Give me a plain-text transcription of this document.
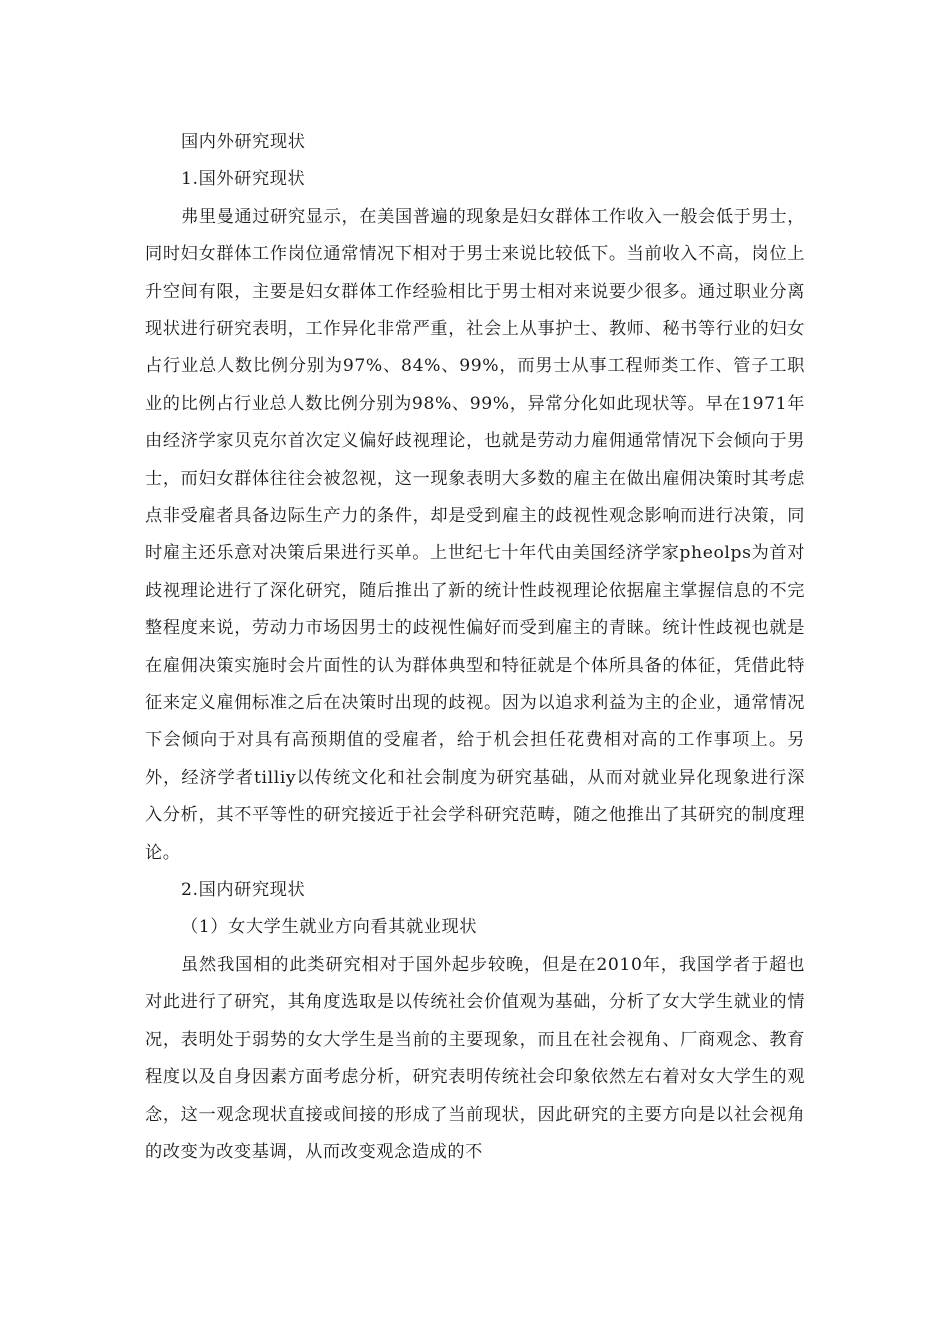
国内外研究现状
1.国外研究现状
弗里曼通过研究显示，在美国普遍的现象是妇女群体工作收入一般会低于男士，同时妇女群体工作岗位通常情况下相对于男士来说比较低下。当前收入不高，岗位上升空间有限，主要是妇女群体工作经验相比于男士相对来说要少很多。通过职业分离现状进行研究表明，工作异化非常严重，社会上从事护士、教师、秘书等行业的妇女占行业总人数比例分别为97%、84%、99%，而男士从事工程师类工作、管子工职业的比例占行业总人数比例分别为98%、99%，异常分化如此现状等。早在1971年由经济学家贝克尔首次定义偏好歧视理论，也就是劳动力雇佣通常情况下会倾向于男士，而妇女群体往往会被忽视，这一现象表明大多数的雇主在做出雇佣决策时其考虑点非受雇者具备边际生产力的条件，却是受到雇主的歧视性观念影响而进行决策，同时雇主还乐意对决策后果进行买单。上世纪七十年代由美国经济学家pheolps为首对歧视理论进行了深化研究，随后推出了新的统计性歧视理论依据雇主掌握信息的不完整程度来说，劳动力市场因男士的歧视性偏好而受到雇主的青睐。统计性歧视也就是在雇佣决策实施时会片面性的认为群体典型和特征就是个体所具备的体征，凭借此特征来定义雇佣标准之后在决策时出现的歧视。因为以追求利益为主的企业，通常情况下会倾向于对具有高预期值的受雇者，给于机会担任花费相对高的工作事项上。另外，经济学者tilliy以传统文化和社会制度为研究基础，从而对就业异化现象进行深入分析，其不平等性的研究接近于社会学科研究范畴，随之他推出了其研究的制度理论。
2.国内研究现状
（1）女大学生就业方向看其就业现状
虽然我国相的此类研究相对于国外起步较晚，但是在2010年，我国学者于超也对此进行了研究，其角度选取是以传统社会价值观为基础，分析了女大学生就业的情况，表明处于弱势的女大学生是当前的主要现象，而且在社会视角、厂商观念、教育程度以及自身因素方面考虑分析，研究表明传统社会印象依然左右着对女大学生的观念，这一观念现状直接或间接的形成了当前现状，因此研究的主要方向是以社会视角的改变为改变基调，从而改变观念造成的不
